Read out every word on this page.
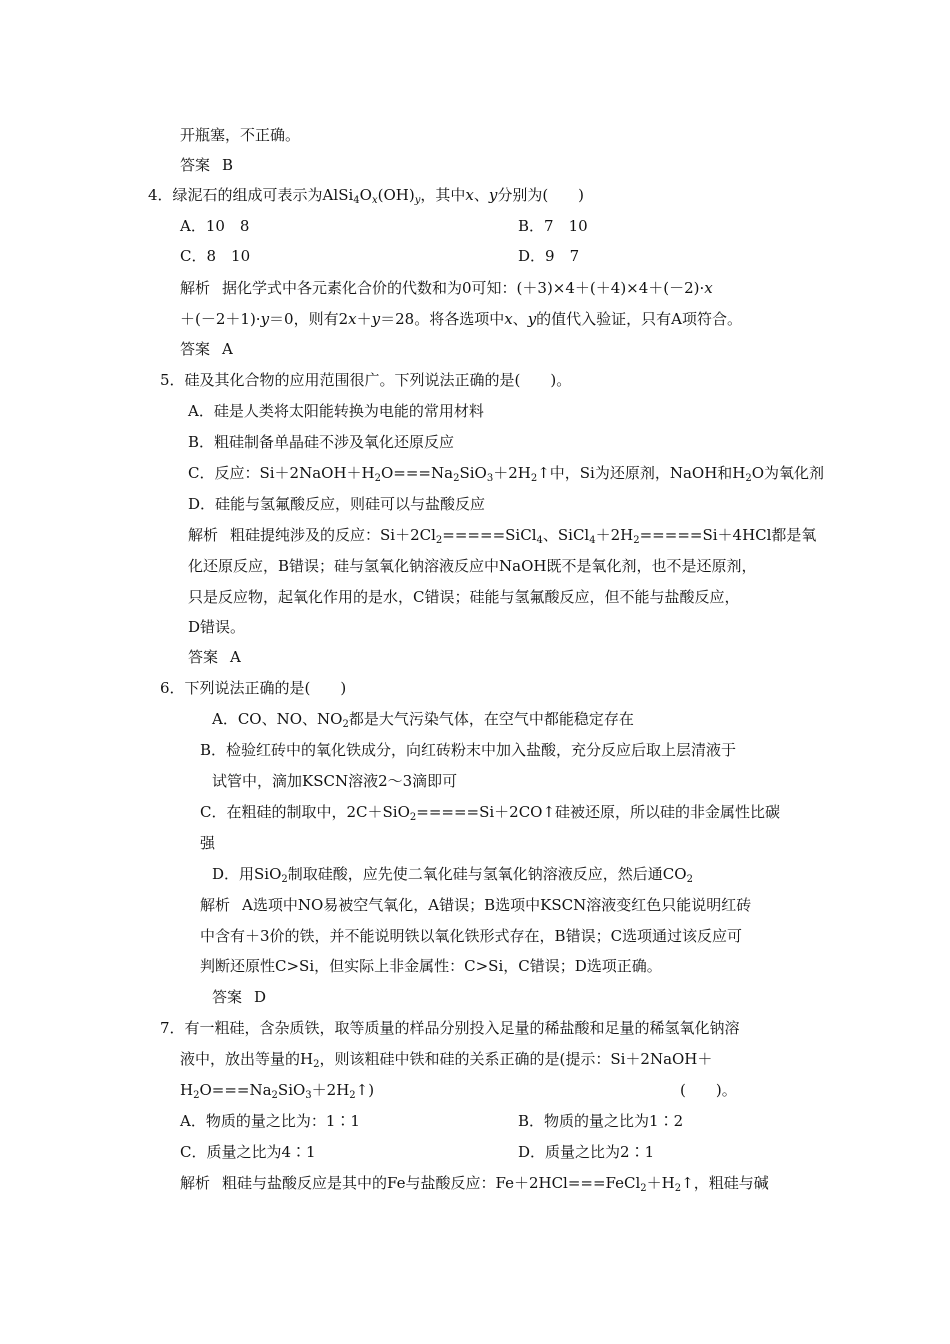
开瓶塞，不正确。
答案 B
4．绿泥石的组成可表示为$AlSi_4O_x(OH)_y$，其中x、y分别为(　　)
A．10　8	B．7　10
C．8　10	D．9　7
解析 据化学式中各元素化合价的代数和为0可知：(＋3)×4＋(＋4)×4＋(－2)·x
＋(－2＋1)·y＝0，则有2x＋y＝28。将各选项中x、y的值代入验证，只有A项符合。
答案 A
5．硅及其化合物的应用范围很广。下列说法正确的是(　　)。
A．硅是人类将太阳能转换为电能的常用材料
B．粗硅制备单晶硅不涉及氧化还原反应
C．反应：$Si+2NaOH+H_2O===Na_2SiO_3+2H_2↑$中，Si为还原剂，NaOH和$H_2O$为氧化剂
D．硅能与氢氟酸反应，则硅可以与盐酸反应
解析 粗硅提纯涉及的反应：$Si+2Cl_2=====SiCl_4$、$SiCl_4+2H_2=====Si+4HCl$都是氧
化还原反应，B错误；硅与氢氧化钠溶液反应中NaOH既不是氧化剂，也不是还原剂，
只是反应物，起氧化作用的是水，C错误；硅能与氢氟酸反应，但不能与盐酸反应，
D错误。
答案 A
6．下列说法正确的是(　　)
A．CO、NO、$NO_2$都是大气污染气体，在空气中都能稳定存在
B．检验红砖中的氧化铁成分，向红砖粉末中加入盐酸，充分反应后取上层清液于
试管中，滴加KSCN溶液2～3滴即可
C．在粗硅的制取中，2C＋SiO$_2$=====Si＋2CO↑硅被还原，所以硅的非金属性比碳
强
D．用SiO$_2$制取硅酸，应先使二氧化硅与氢氧化钠溶液反应，然后通$CO_2$
解析 A选项中NO易被空气氧化，A错误；B选项中KSCN溶液变红色只能说明红砖
中含有＋3价的铁，并不能说明铁以氧化铁形式存在，B错误；C选项通过该反应可
判断还原性C>Si，但实际上非金属性：C>Si，C错误；D选项正确。
答案 D
7．有一粗硅，含杂质铁，取等质量的样品分别投入足量的稀盐酸和足量的稀氢氧化钠溶
液中，放出等量的$H_2$，则该粗硅中铁和硅的关系正确的是(提示：Si＋2NaOH＋
$H_2O===Na_2SiO_3+2H_2↑$)	(　　)。
A．物质的量之比为：1∶1	B．物质的量之比为1∶2
C．质量之比为4∶1	D．质量之比为2∶1
解析 粗硅与盐酸反应是其中的Fe与盐酸反应：$Fe+2HCl===FeCl_2+H_2↑$，粗硅与碱
